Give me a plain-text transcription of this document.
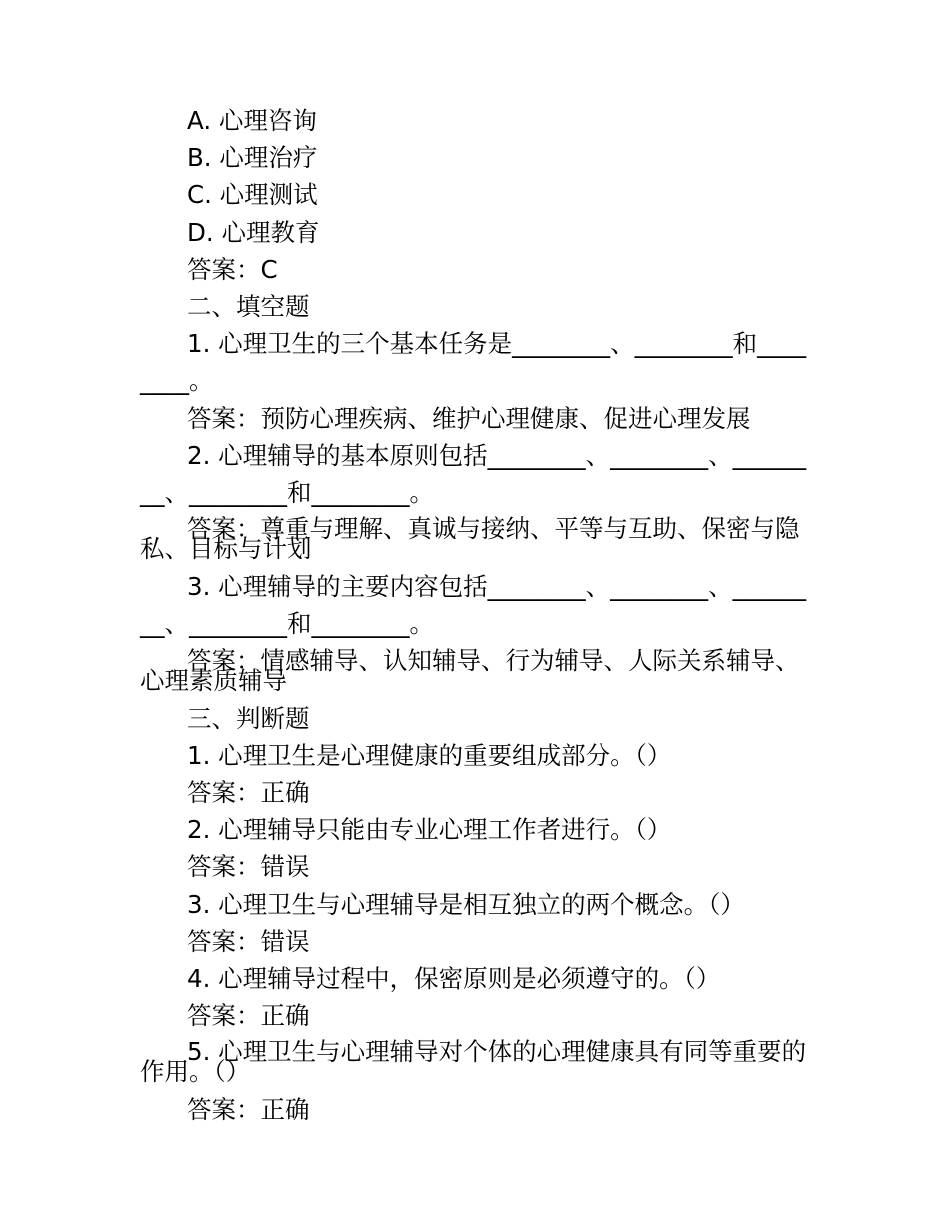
A. 心理咨询

B. 心理治疗

C. 心理测试

D. 心理教育

答案：C

二、填空题

1. 心理卫生的三个基本任务是________、________和________。

答案：预防心理疾病、维护心理健康、促进心理发展

2. 心理辅导的基本原则包括________、________、________、________和________。

答案：尊重与理解、真诚与接纳、平等与互助、保密与隐私、目标与计划

3. 心理辅导的主要内容包括________、________、________、________和________。

答案：情感辅导、认知辅导、行为辅导、人际关系辅导、心理素质辅导

三、判断题

1. 心理卫生是心理健康的重要组成部分。（）

答案：正确

2. 心理辅导只能由专业心理工作者进行。（）

答案：错误

3. 心理卫生与心理辅导是相互独立的两个概念。（）

答案：错误

4. 心理辅导过程中，保密原则是必须遵守的。（）

答案：正确

5. 心理卫生与心理辅导对个体的心理健康具有同等重要的作用。（）

答案：正确
